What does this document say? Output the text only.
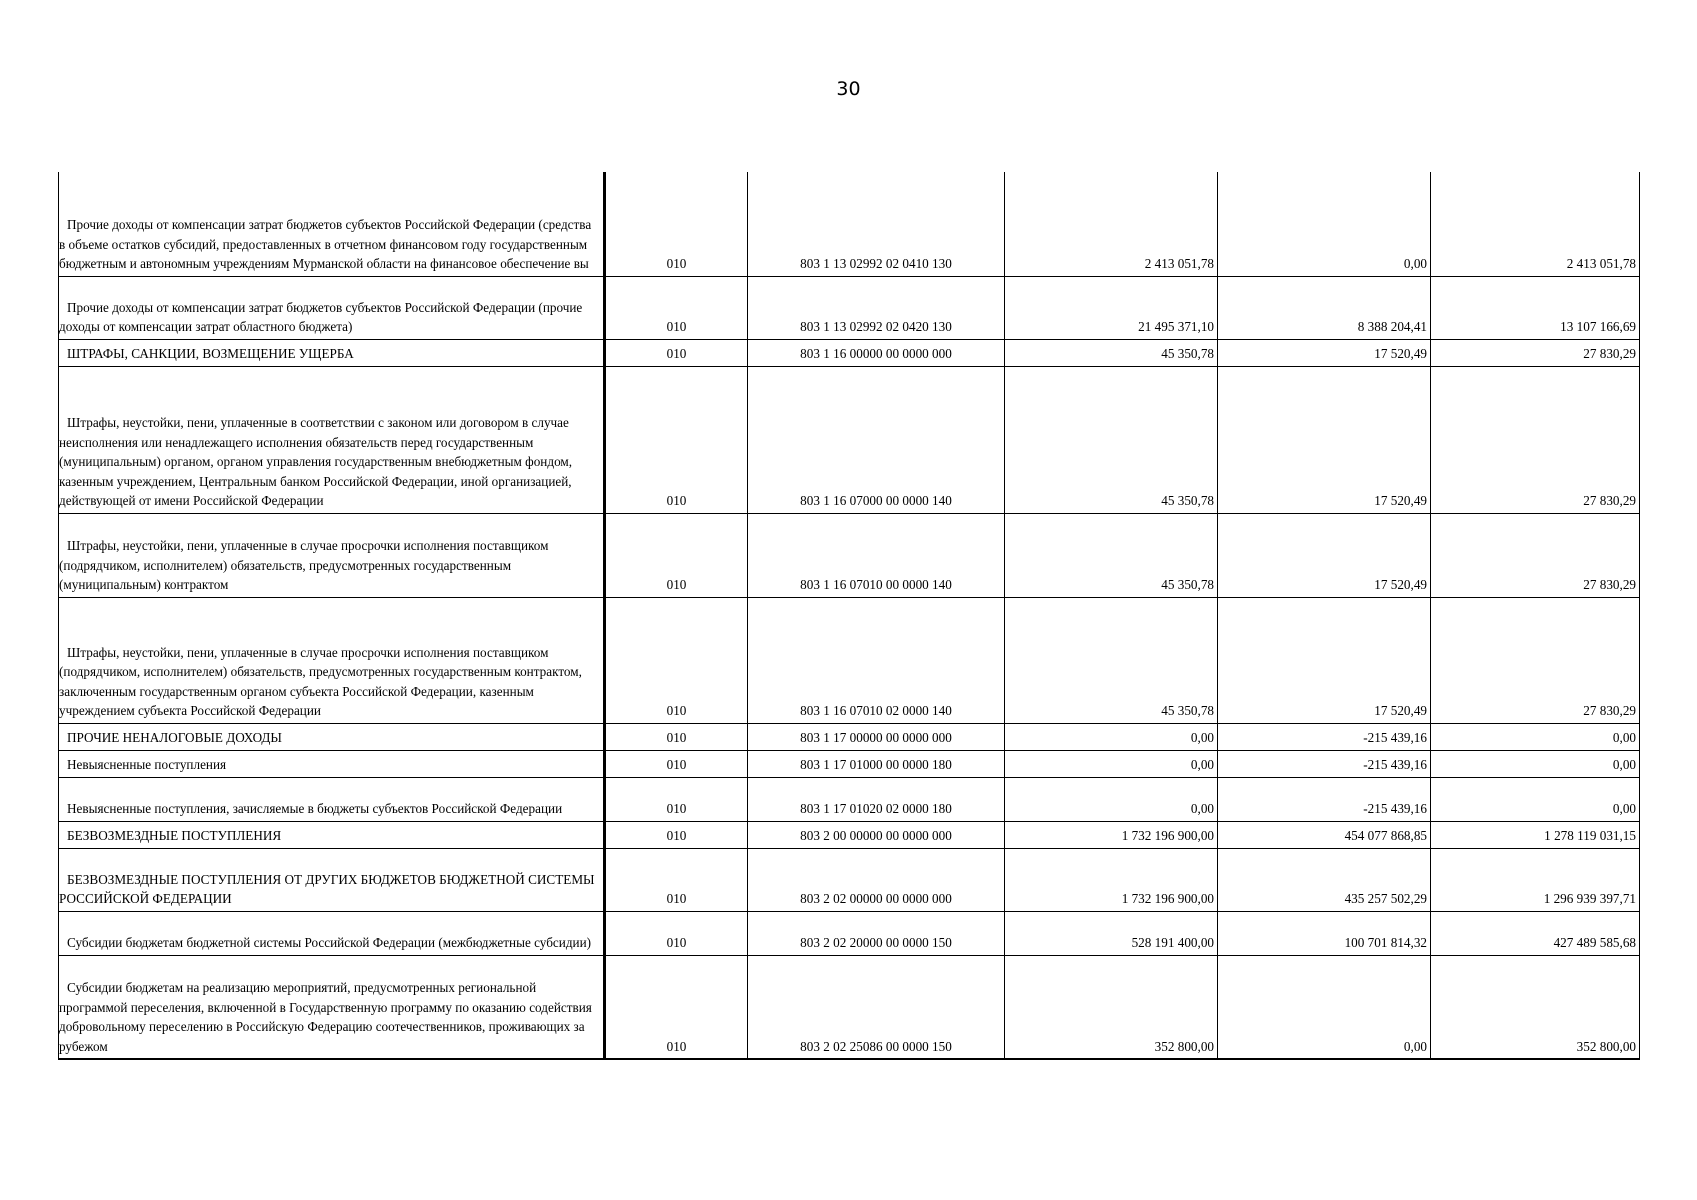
30
Прочие доходы от компенсации затрат бюджетов субъектов Российской Федерации (средства в объеме остатков субсидий, предоставленных в отчетном финансовом году государственным бюджетным и автономным учреждениям Мурманской области на финансовое обеспечение вы	010	803 1 13 02992 02 0410 130	2 413 051,78	0,00	2 413 051,78

Прочие доходы от компенсации затрат бюджетов субъектов Российской Федерации (прочие доходы от компенсации затрат областного бюджета)	010	803 1 13 02992 02 0420 130	21 495 371,10	8 388 204,41	13 107 166,69

ШТРАФЫ, САНКЦИИ, ВОЗМЕЩЕНИЕ УЩЕРБА	010	803 1 16 00000 00 0000 000	45 350,78	17 520,49	27 830,29

Штрафы, неустойки, пени, уплаченные в соответствии с законом или договором в случае неисполнения или ненадлежащего исполнения обязательств перед государственным (муниципальным) органом, органом управления государственным внебюджетным фондом, казенным учреждением, Центральным банком Российской Федерации, иной организацией, действующей от имени Российской Федерации	010	803 1 16 07000 00 0000 140	45 350,78	17 520,49	27 830,29

Штрафы, неустойки, пени, уплаченные в случае просрочки исполнения поставщиком (подрядчиком, исполнителем) обязательств, предусмотренных государственным (муниципальным) контрактом	010	803 1 16 07010 00 0000 140	45 350,78	17 520,49	27 830,29

Штрафы, неустойки, пени, уплаченные в случае просрочки исполнения поставщиком (подрядчиком, исполнителем) обязательств, предусмотренных государственным контрактом, заключенным государственным органом субъекта Российской Федерации, казенным учреждением субъекта Российской Федерации	010	803 1 16 07010 02 0000 140	45 350,78	17 520,49	27 830,29

ПРОЧИЕ НЕНАЛОГОВЫЕ ДОХОДЫ	010	803 1 17 00000 00 0000 000	0,00	-215 439,16	0,00

Невыясненные поступления	010	803 1 17 01000 00 0000 180	0,00	-215 439,16	0,00

Невыясненные поступления, зачисляемые в бюджеты субъектов Российской Федерации	010	803 1 17 01020 02 0000 180	0,00	-215 439,16	0,00

БЕЗВОЗМЕЗДНЫЕ ПОСТУПЛЕНИЯ	010	803 2 00 00000 00 0000 000	1 732 196 900,00	454 077 868,85	1 278 119 031,15

БЕЗВОЗМЕЗДНЫЕ ПОСТУПЛЕНИЯ ОТ ДРУГИХ БЮДЖЕТОВ БЮДЖЕТНОЙ СИСТЕМЫ РОССИЙСКОЙ ФЕДЕРАЦИИ	010	803 2 02 00000 00 0000 000	1 732 196 900,00	435 257 502,29	1 296 939 397,71

Субсидии бюджетам бюджетной системы Российской Федерации (межбюджетные субсидии)	010	803 2 02 20000 00 0000 150	528 191 400,00	100 701 814,32	427 489 585,68

Субсидии бюджетам на реализацию мероприятий, предусмотренных региональной программой переселения, включенной в Государственную программу по оказанию содействия добровольному переселению в Российскую Федерацию соотечественников, проживающих за рубежом	010	803 2 02 25086 00 0000 150	352 800,00	0,00	352 800,00
